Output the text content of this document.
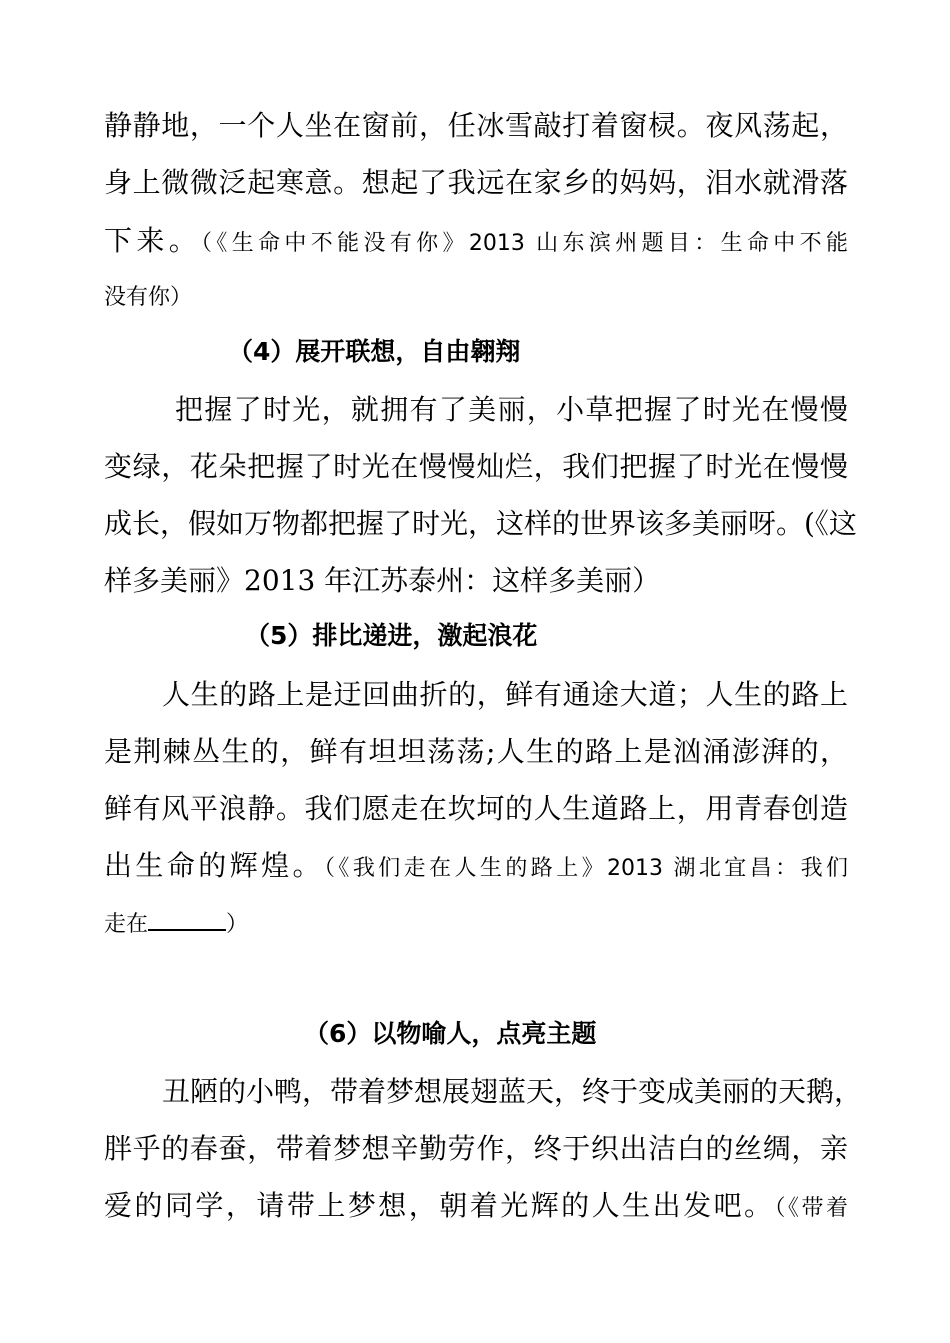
静静地，一个人坐在窗前，任冰雪敲打着窗棂。夜风荡起，
身上微微泛起寒意。想起了我远在家乡的妈妈，泪水就滑落
下来。（《生命中不能没有你》2013 山东滨州题目：生命中不能
没有你）
（4）展开联想，自由翱翔
把握了时光，就拥有了美丽，小草把握了时光在慢慢
变绿，花朵把握了时光在慢慢灿烂，我们把握了时光在慢慢
成长，假如万物都把握了时光，这样的世界该多美丽呀。(《这
样多美丽》2013 年江苏泰州：这样多美丽）
（5）排比递进，激起浪花
人生的路上是迂回曲折的，鲜有通途大道；人生的路上
是荆棘丛生的，鲜有坦坦荡荡;人生的路上是汹涌澎湃的，
鲜有风平浪静。我们愿走在坎坷的人生道路上，用青春创造
出生命的辉煌。（《我们走在人生的路上》2013 湖北宜昌：我们
走在	）
（6）以物喻人，点亮主题
丑陋的小鸭，带着梦想展翅蓝天，终于变成美丽的天鹅，
胖乎的春蚕，带着梦想辛勤劳作，终于织出洁白的丝绸，亲
爱的同学，请带上梦想，朝着光辉的人生出发吧。（《带着
